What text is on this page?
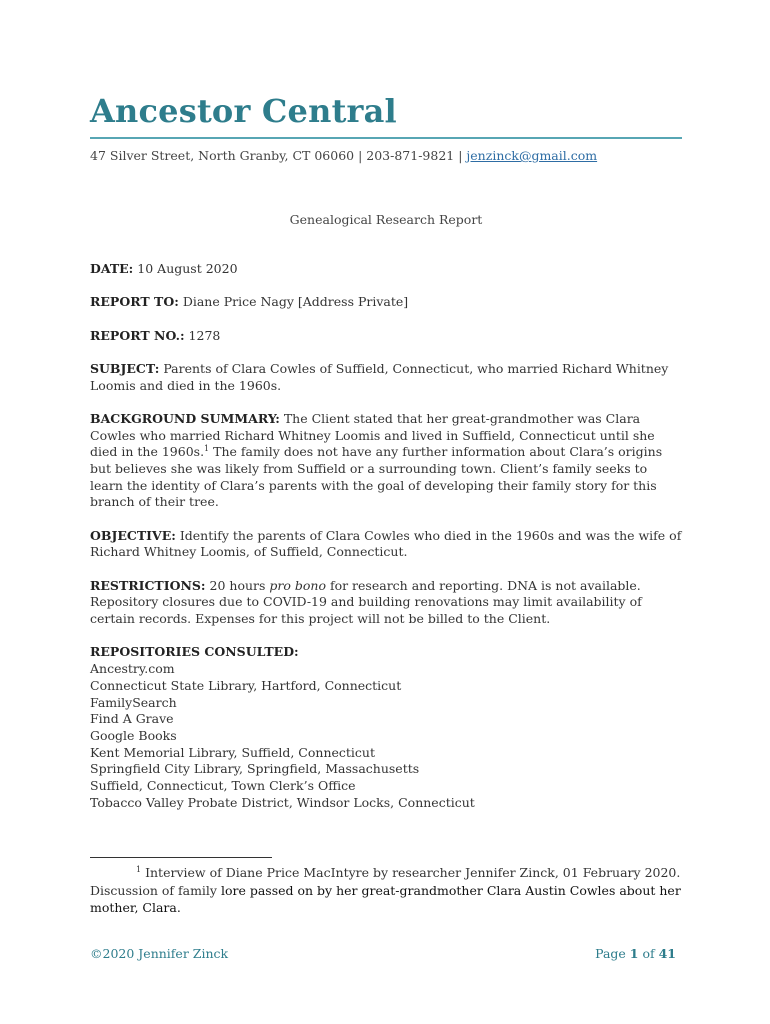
Ancestor Central
47 Silver Street, North Granby, CT 06060 | 203-871-9821 | jenzinck@gmail.com
Genealogical Research Report

DATE: 10 August 2020

REPORT TO: Diane Price Nagy [Address Private]

REPORT NO.: 1278

SUBJECT: Parents of Clara Cowles of Suffield, Connecticut, who married Richard Whitney Loomis and died in the 1960s.

BACKGROUND SUMMARY: The Client stated that her great-grandmother was Clara Cowles who married Richard Whitney Loomis and lived in Suffield, Connecticut until she died in the 1960s.$^1$ The family does not have any further information about Clara’s origins but believes she was likely from Suffield or a surrounding town. Client’s family seeks to learn the identity of Clara’s parents with the goal of developing their family story for this branch of their tree.

OBJECTIVE: Identify the parents of Clara Cowles who died in the 1960s and was the wife of Richard Whitney Loomis, of Suffield, Connecticut.

RESTRICTIONS: 20 hours pro bono for research and reporting. DNA is not available. Repository closures due to COVID-19 and building renovations may limit availability of certain records. Expenses for this project will not be billed to the Client.

REPOSITORIES CONSULTED:
Ancestry.com
Connecticut State Library, Hartford, Connecticut
FamilySearch
Find A Grave
Google Books
Kent Memorial Library, Suffield, Connecticut
Springfield City Library, Springfield, Massachusetts
Suffield, Connecticut, Town Clerk’s Office
Tobacco Valley Probate District, Windsor Locks, Connecticut
$^1$ Interview of Diane Price MacIntyre by researcher Jennifer Zinck, 01 February 2020.
Discussion of family lore passed on by her great-grandmother Clara Austin Cowles about her mother, Clara.
©2020 Jennifer Zinck	Page 1 of 41
